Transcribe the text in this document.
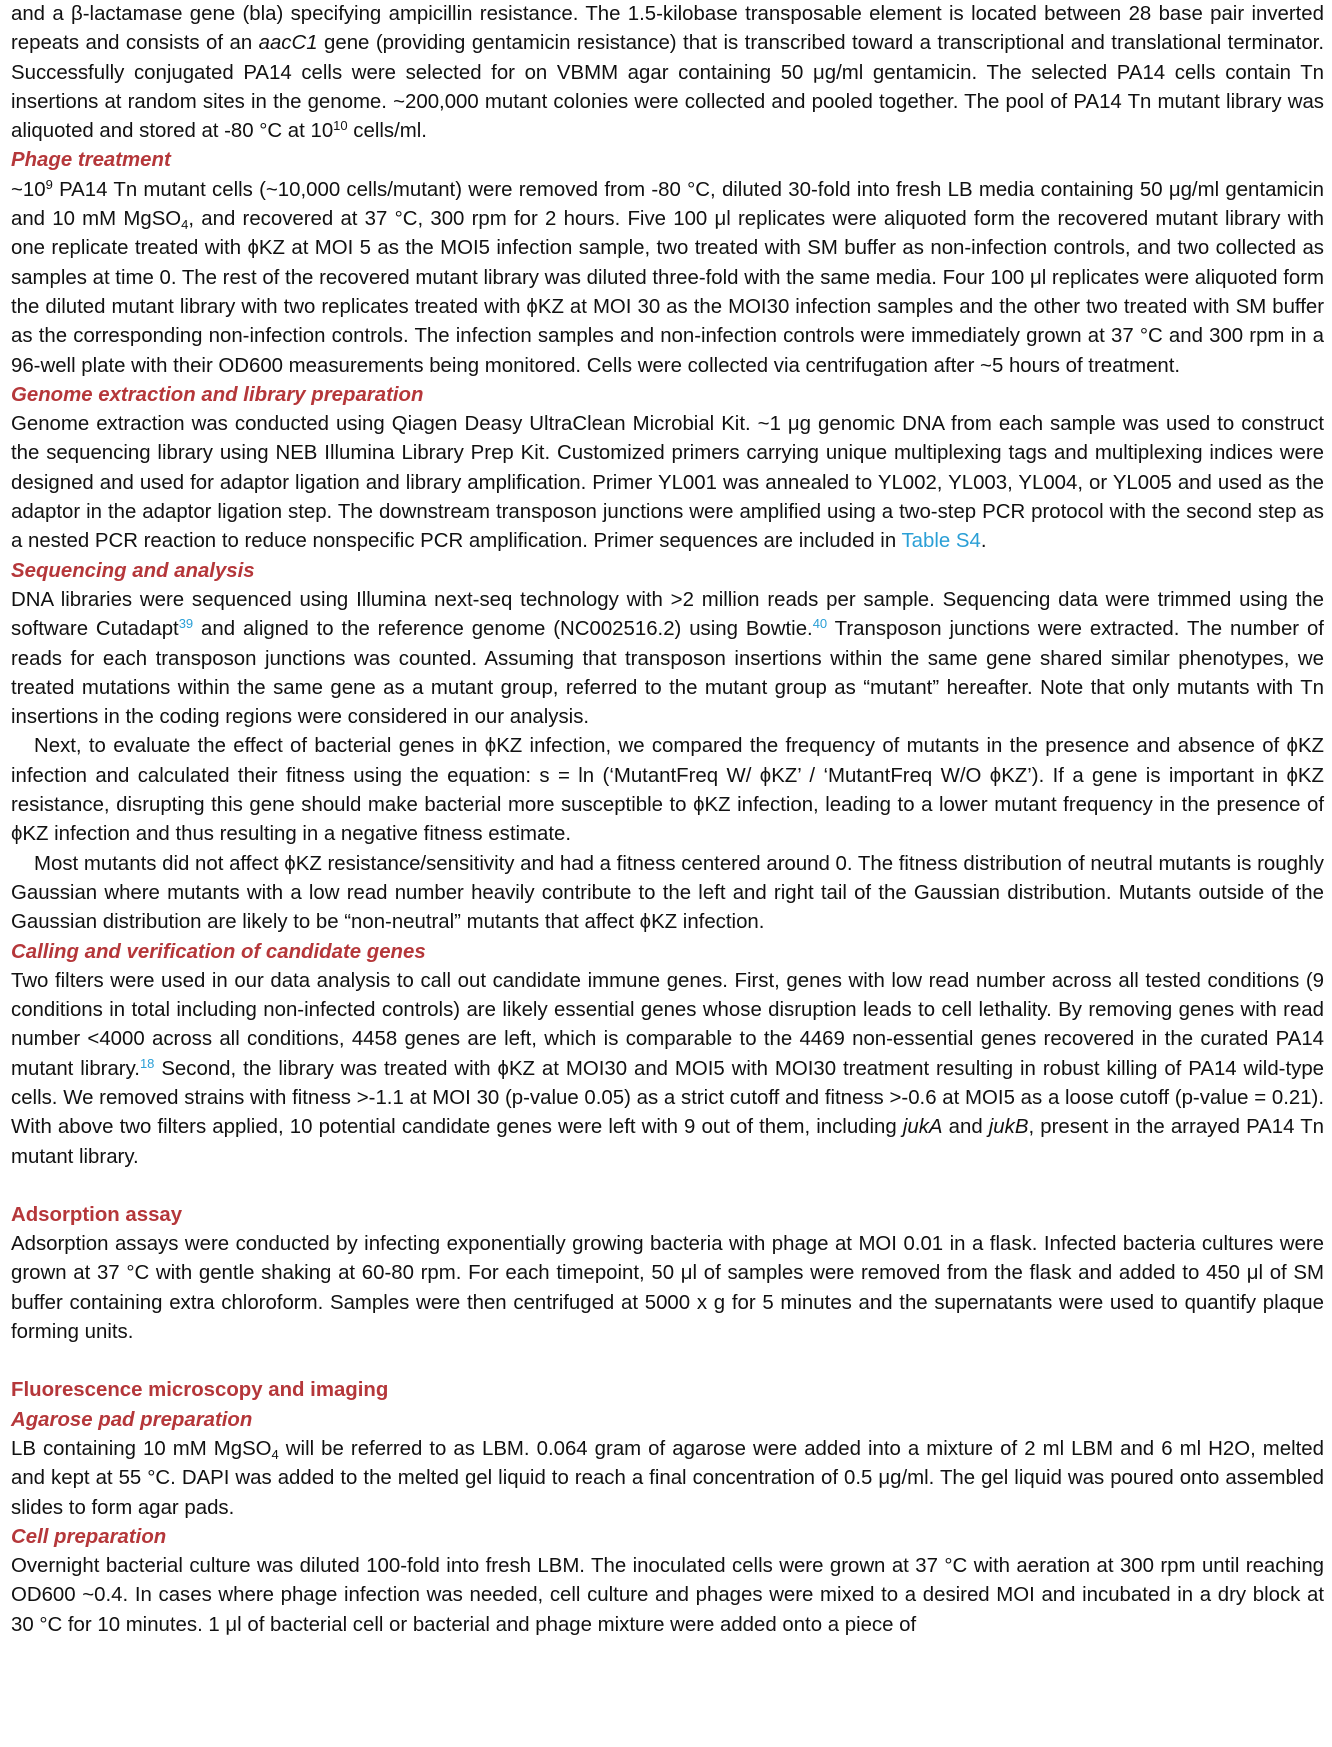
and a β-lactamase gene (bla) specifying ampicillin resistance. The 1.5-kilobase transposable element is located between 28 base pair inverted repeats and consists of an aacC1 gene (providing gentamicin resistance) that is transcribed toward a transcriptional and translational terminator. Successfully conjugated PA14 cells were selected for on VBMM agar containing 50 μg/ml gentamicin. The selected PA14 cells contain Tn insertions at random sites in the genome. ~200,000 mutant colonies were collected and pooled together. The pool of PA14 Tn mutant library was aliquoted and stored at -80 °C at $10^{10}$ cells/ml.

Phage treatment

$\sim 10^9$ PA14 Tn mutant cells (~10,000 cells/mutant) were removed from -80 °C, diluted 30-fold into fresh LB media containing 50 μg/ml gentamicin and 10 mM MgSO$_4$, and recovered at 37 °C, 300 rpm for 2 hours. Five 100 μl replicates were aliquoted form the recovered mutant library with one replicate treated with ϕKZ at MOI 5 as the MOI5 infection sample, two treated with SM buffer as non-infection controls, and two collected as samples at time 0. The rest of the recovered mutant library was diluted three-fold with the same media. Four 100 μl replicates were aliquoted form the diluted mutant library with two replicates treated with ϕKZ at MOI 30 as the MOI30 infection samples and the other two treated with SM buffer as the corresponding non-infection controls. The infection samples and non-infection controls were immediately grown at 37 °C and 300 rpm in a 96-well plate with their OD600 measurements being monitored. Cells were collected via centrifugation after ~5 hours of treatment.

Genome extraction and library preparation

Genome extraction was conducted using Qiagen Deasy UltraClean Microbial Kit. ~1 μg genomic DNA from each sample was used to construct the sequencing library using NEB Illumina Library Prep Kit. Customized primers carrying unique multiplexing tags and multiplexing indices were designed and used for adaptor ligation and library amplification. Primer YL001 was annealed to YL002, YL003, YL004, or YL005 and used as the adaptor in the adaptor ligation step. The downstream transposon junctions were amplified using a two-step PCR protocol with the second step as a nested PCR reaction to reduce nonspecific PCR amplification. Primer sequences are included in Table S4.

Sequencing and analysis

DNA libraries were sequenced using Illumina next-seq technology with >2 million reads per sample. Sequencing data were trimmed using the software Cutadapt$^{39}$ and aligned to the reference genome (NC002516.2) using Bowtie.$^{40}$ Transposon junctions were extracted. The number of reads for each transposon junctions was counted. Assuming that transposon insertions within the same gene shared similar phenotypes, we treated mutations within the same gene as a mutant group, referred to the mutant group as “mutant” hereafter. Note that only mutants with Tn insertions in the coding regions were considered in our analysis.

Next, to evaluate the effect of bacterial genes in ϕKZ infection, we compared the frequency of mutants in the presence and absence of ϕKZ infection and calculated their fitness using the equation: s = ln (‘MutantFreq W/ ϕKZ’ / ‘MutantFreq W/O ϕKZ’). If a gene is important in ϕKZ resistance, disrupting this gene should make bacterial more susceptible to ϕKZ infection, leading to a lower mutant frequency in the presence of ϕKZ infection and thus resulting in a negative fitness estimate.

Most mutants did not affect ϕKZ resistance/sensitivity and had a fitness centered around 0. The fitness distribution of neutral mutants is roughly Gaussian where mutants with a low read number heavily contribute to the left and right tail of the Gaussian distribution. Mutants outside of the Gaussian distribution are likely to be “non-neutral” mutants that affect ϕKZ infection.

Calling and verification of candidate genes

Two filters were used in our data analysis to call out candidate immune genes. First, genes with low read number across all tested conditions (9 conditions in total including non-infected controls) are likely essential genes whose disruption leads to cell lethality. By removing genes with read number <4000 across all conditions, 4458 genes are left, which is comparable to the 4469 non-essential genes recovered in the curated PA14 mutant library.$^{18}$ Second, the library was treated with ϕKZ at MOI30 and MOI5 with MOI30 treatment resulting in robust killing of PA14 wild-type cells. We removed strains with fitness >-1.1 at MOI 30 (p-value 0.05) as a strict cutoff and fitness >-0.6 at MOI5 as a loose cutoff (p-value = 0.21). With above two filters applied, 10 potential candidate genes were left with 9 out of them, including jukA and jukB, present in the arrayed PA14 Tn mutant library.

Adsorption assay

Adsorption assays were conducted by infecting exponentially growing bacteria with phage at MOI 0.01 in a flask. Infected bacteria cultures were grown at 37 °C with gentle shaking at 60-80 rpm. For each timepoint, 50 μl of samples were removed from the flask and added to 450 μl of SM buffer containing extra chloroform. Samples were then centrifuged at 5000 x g for 5 minutes and the supernatants were used to quantify plaque forming units.

Fluorescence microscopy and imaging
Agarose pad preparation

LB containing 10 mM MgSO$_4$ will be referred to as LBM. 0.064 gram of agarose were added into a mixture of 2 ml LBM and 6 ml H2O, melted and kept at 55 °C. DAPI was added to the melted gel liquid to reach a final concentration of 0.5 μg/ml. The gel liquid was poured onto assembled slides to form agar pads.

Cell preparation

Overnight bacterial culture was diluted 100-fold into fresh LBM. The inoculated cells were grown at 37 °C with aeration at 300 rpm until reaching OD600 ~0.4. In cases where phage infection was needed, cell culture and phages were mixed to a desired MOI and incubated in a dry block at 30 °C for 10 minutes. 1 μl of bacterial cell or bacterial and phage mixture were added onto a piece of
